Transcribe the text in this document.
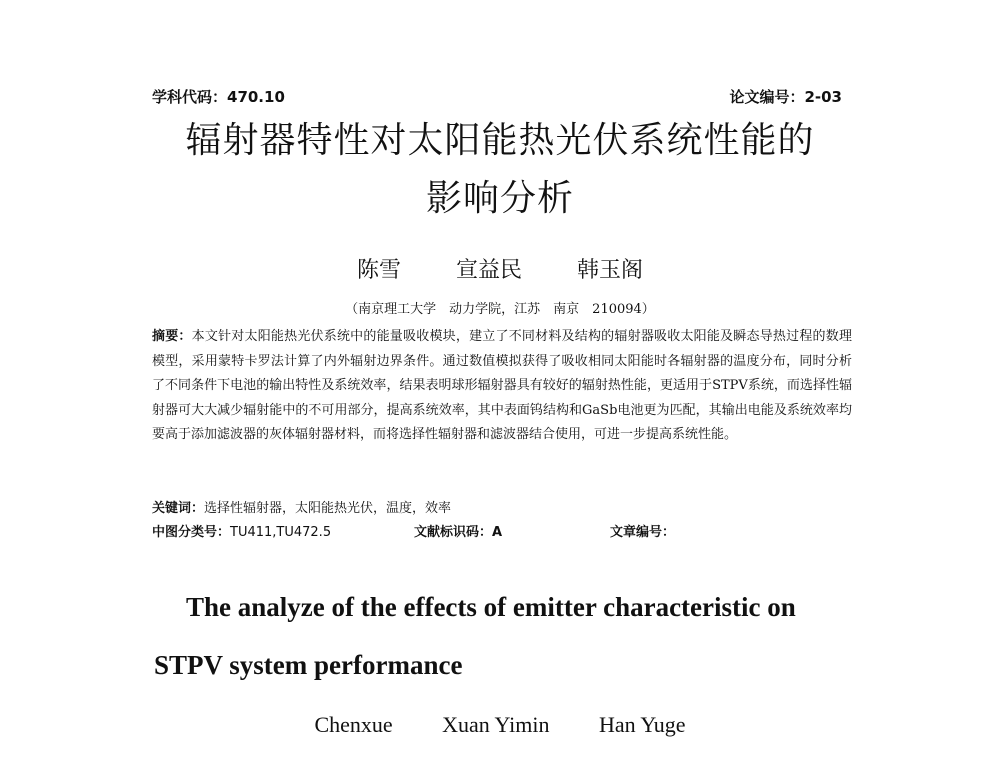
学科代码：470.10	论文编号：2-03
辐射器特性对太阳能热光伏系统性能的
影响分析
陈雪	宣益民	韩玉阁
（南京理工大学　动力学院，江苏　南京　210094）
摘要：本文针对太阳能热光伏系统中的能量吸收模块，建立了不同材料及结构的辐射器吸收太阳能及瞬态导热过程的数理模型，采用蒙特卡罗法计算了内外辐射边界条件。通过数值模拟获得了吸收相同太阳能时各辐射器的温度分布，同时分析了不同条件下电池的输出特性及系统效率，结果表明球形辐射器具有较好的辐射热性能，更适用于STPV系统，而选择性辐射器可大大减少辐射能中的不可用部分，提高系统效率，其中表面钨结构和GaSb电池更为匹配，其输出电能及系统效率均要高于添加滤波器的灰体辐射器材料，而将选择性辐射器和滤波器结合使用，可进一步提高系统性能。
关键词：选择性辐射器，太阳能热光伏，温度，效率
中图分类号：TU411,TU472.5	文献标识码：A	文章编号：
The analyze of the effects of emitter characteristic on
STPV system performance
Chenxue Xuan Yimin Han Yuge
